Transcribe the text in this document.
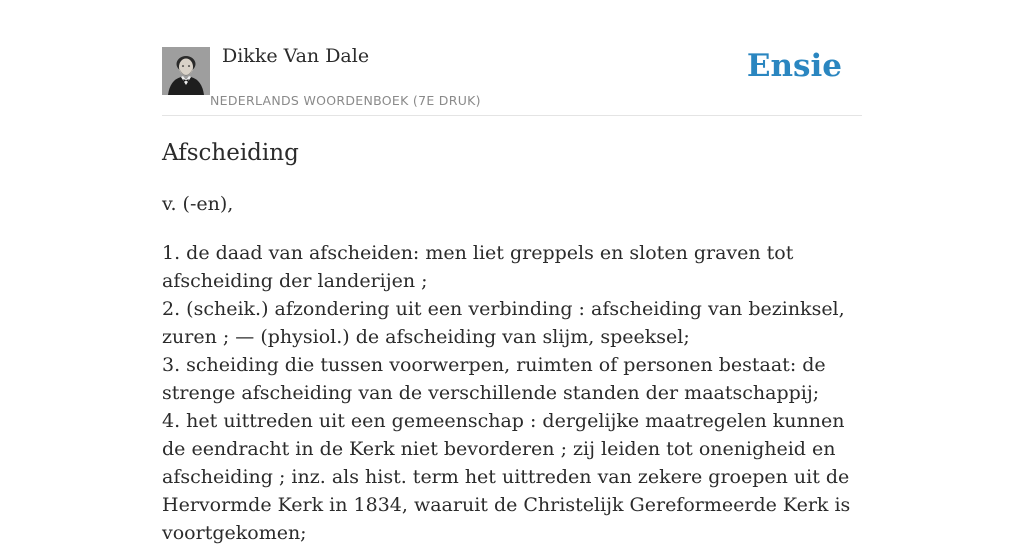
Dikke Van Dale
NEDERLANDS WOORDENBOEK (7E DRUK)
Ensie
Afscheiding
v. (-en),
1. de daad van afscheiden: men liet greppels en sloten graven tot afscheiding der landerijen ;
2. (scheik.) afzondering uit een verbinding : afscheiding van bezinksel, zuren ; — (physiol.) de afscheiding van slijm, speeksel;
3. scheiding die tussen voorwerpen, ruimten of personen bestaat: de strenge afscheiding van de verschillende standen der maatschappij;
4. het uittreden uit een gemeenschap : dergelijke maatregelen kunnen de eendracht in de Kerk niet bevorderen ; zij leiden tot onenigheid en afscheiding ; inz. als hist. term het uittreden van zekere groepen uit de Hervormde Kerk in 1834, waaruit de Christelijk Gereformeerde Kerk is voortgekomen;
